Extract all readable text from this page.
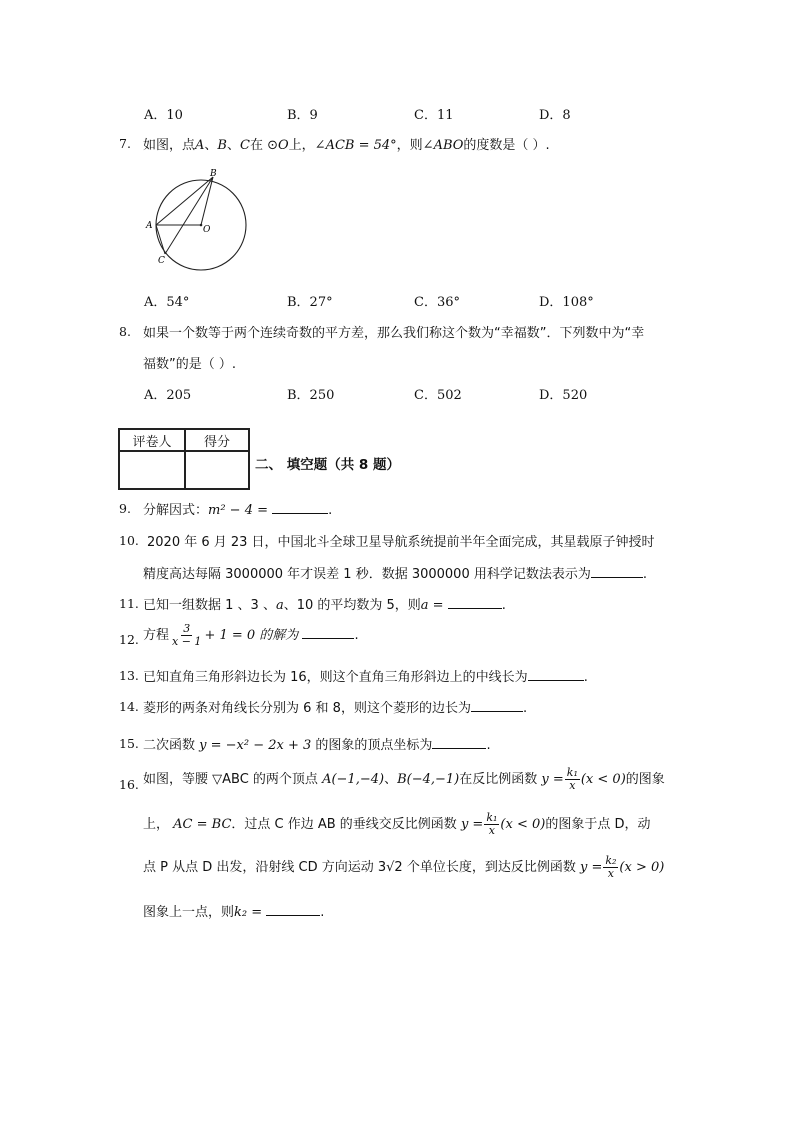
A．10	B．9	C．11	D．8
7. 如图，点A、B、C在 ⊙O上，∠ACB = 54°，则∠ABO的度数是（ ）.
B
A	O
C
A．54°	B．27°	C．36°	D．108°
8. 如果一个数等于两个连续奇数的平方差，那么我们称这个数为“幸福数”．下列数中为“幸
福数”的是（ ）.
A．205	B．250	C．502	D．520
评卷人	得分

二、 填空题（共 8 题）
9. 分解因式：m² − 4 =	.
10. 2020 年 6 月 23 日，中国北斗全球卫星导航系统提前半年全面完成，其星载原子钟授时
精度高达每隔 3000000 年才误差 1 秒．数据 3000000 用科学记数法表示为	.
11. 已知一组数据 1 、3 、a、10 的平均数为 5，则a =	.
12. 方程 $\frac{3}{x - 1} + 1 = 0$ 的解为	.
13. 已知直角三角形斜边长为 16，则这个直角三角形斜边上的中线长为	.
14. 菱形的两条对角线长分别为 6 和 8，则这个菱形的边长为	.
15. 二次函数 y = −x² − 2x + 3 的图象的顶点坐标为	.
16. 如图，等腰 ▽ABC 的两个顶点 A(−1,−4)、B(−4,−1)在反比例函数 $y = \frac{\text{k₁}}{x} (x < 0)$的图象
上， AC = BC．过点 C 作边 AB 的垂线交反比例函数 $y = \frac{\text{k₁}}{x} (x < 0)$的图象于点 D，动
点 P 从点 D 出发，沿射线 CD 方向运动 3√2 个单位长度，到达反比例函数 $y = \frac{\text{k₂}}{x} (x > 0)$
图象上一点，则k₂ =	.
